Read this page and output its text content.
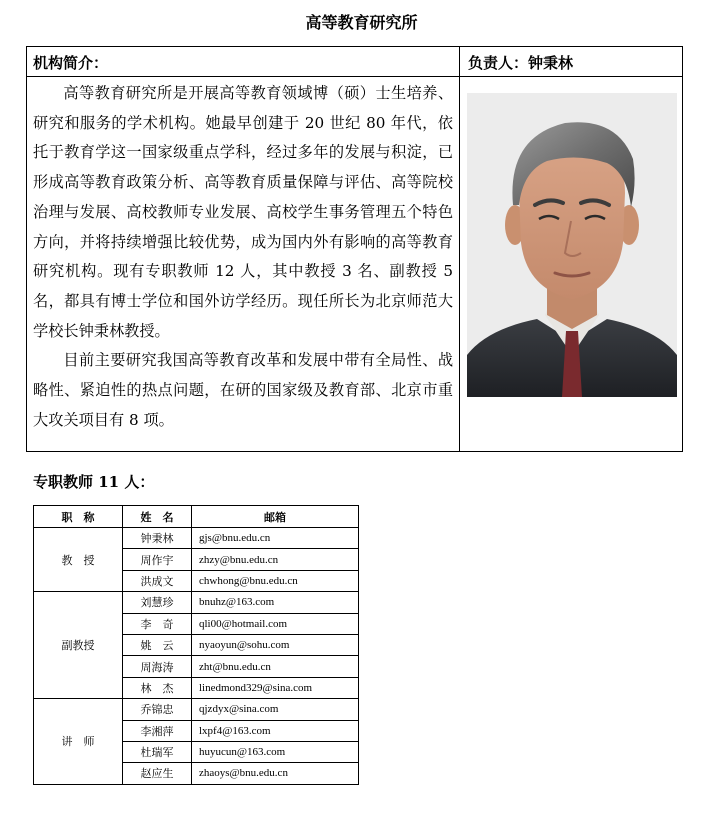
高等教育研究所
机构简介：	负责人：钟秉林

高等教育研究所是开展高等教育领域博（硕）士生培养、研究和服务的学术机构。她最早创建于 20 世纪 80 年代，依托于教育学这一国家级重点学科，经过多年的发展与积淀，已形成高等教育政策分析、高等教育质量保障与评估、高等院校治理与发展、高校教师专业发展、高校学生事务管理五个特色方向，并将持续增强比较优势，成为国内外有影响的高等教育研究机构。现有专职教师 12 人，其中教授 3 名、副教授 5 名，都具有博士学位和国外访学经历。现任所长为北京师范大学校长钟秉林教授。

目前主要研究我国高等教育改革和发展中带有全局性、战略性、紧迫性的热点问题，在研的国家级及教育部、北京市重大攻关项目有 8 项。

专职教师 11 人：
职　称	姓　名	邮箱
教　授	钟秉林	gjs@bnu.edu.cn
	周作宇	zhzy@bnu.edu.cn
	洪成文	chwhong@bnu.edu.cn
副教授	刘慧珍	bnuhz@163.com
	李　奇	qli00@hotmail.com
	姚　云	nyaoyun@sohu.com
	周海涛	zht@bnu.edu.cn
	林　杰	linedmond329@sina.com
讲　师	乔锦忠	qjzdyx@sina.com
	李湘萍	lxpf4@163.com
	杜瑞军	huyucun@163.com
	赵应生	zhaoys@bnu.edu.cn
